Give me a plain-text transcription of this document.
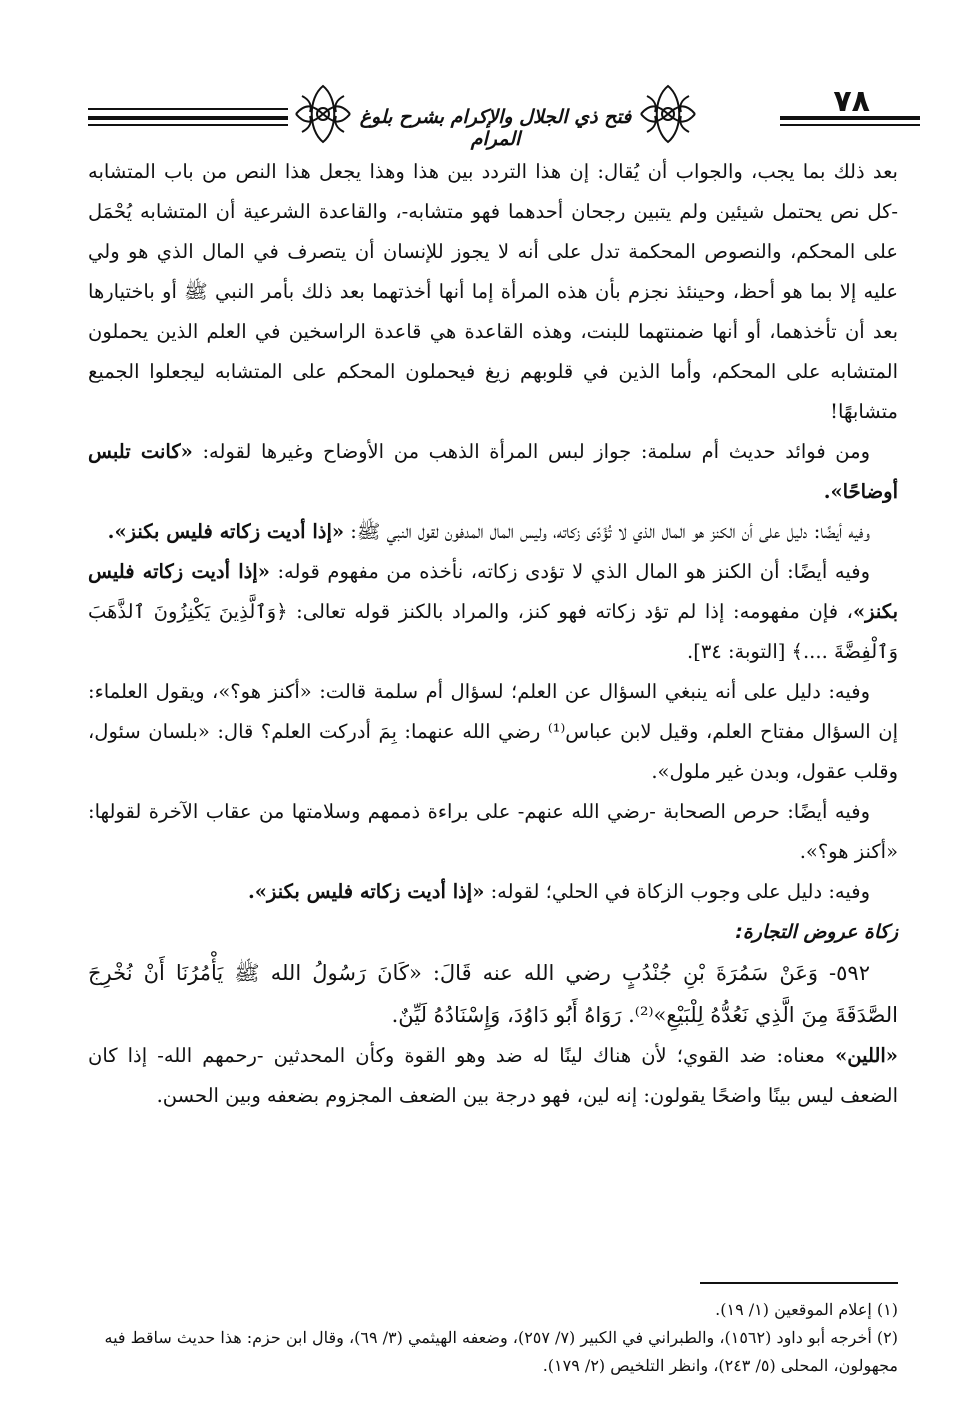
فتح ذي الجلال والإكرام بشرح بلوغ المرام
٧٨

بعد ذلك بما يجب، والجواب أن يُقال: إن هذا التردد بين هذا وهذا يجعل هذا النص من باب المتشابه -كل نص يحتمل شيئين ولم يتبين رجحان أحدهما فهو متشابه-، والقاعدة الشرعية أن المتشابه يُحْمَل على المحكم، والنصوص المحكمة تدل على أنه لا يجوز للإنسان أن يتصرف في المال الذي هو ولي عليه إلا بما هو أحظ، وحينئذ نجزم بأن هذه المرأة إما أنها أخذتهما بعد ذلك بأمر النبي ﷺ أو باختيارها بعد أن تأخذهما، أو أنها ضمنتهما للبنت، وهذه القاعدة هي قاعدة الراسخين في العلم الذين يحملون المتشابه على المحكم، وأما الذين في قلوبهم زيغ فيحملون المحكم على المتشابه ليجعلوا الجميع متشابهًا!

ومن فوائد حديث أم سلمة: جواز لبس المرأة الذهب من الأوضاح وغيرها لقوله: «كانت تلبس أوضاحًا».

وفيه أيضًا: دليل على أن الكنز هو المال الذي لا تُؤَدّى زكاته، وليس المال المدفون لقول النبي ﷺ: «إذا أديت زكاته فليس بكنز».

وفيه أيضًا: أن الكنز هو المال الذي لا تؤدى زكاته، نأخذه من مفهوم قوله: «إذا أديت زكاته فليس بكنز»، فإن مفهومه: إذا لم تؤد زكاته فهو كنز، والمراد بالكنز قوله تعالى: ﴿وَٱلَّذِينَ يَكْنِزُونَ ٱلذَّهَبَ وَٱلْفِضَّةَ ....﴾ [التوبة: ٣٤].

وفيه: دليل على أنه ينبغي السؤال عن العلم؛ لسؤال أم سلمة قالت: «أكنز هو؟»، ويقول العلماء: إن السؤال مفتاح العلم، وقيل لابن عباس⁽¹⁾ رضي الله عنهما: بِمَ أدركت العلم؟ قال: «بلسان سئول، وقلب عقول، وبدن غير ملول».

وفيه أيضًا: حرص الصحابة -رضي الله عنهم- على براءة ذممهم وسلامتها من عقاب الآخرة لقولها: «أكنز هو؟».

وفيه: دليل على وجوب الزكاة في الحلي؛ لقوله: «إذا أديت زكاته فليس بكنز».

زكاة عروض التجارة:

٥٩٢- وَعَنْ سَمُرَةَ بْنِ جُنْدُبٍ رضي الله عنه قَالَ: «كَانَ رَسُولُ الله ﷺ يَأْمُرُنَا أَنْ نُخْرِجَ الصَّدَقَةَ مِنَ الَّذِي نَعُدُّهُ لِلْبَيْعِ»⁽²⁾. رَوَاهُ أَبُو دَاوُدَ، وَإِسْنَادُهُ لَيِّنٌ.

«اللين» معناه: ضد القوي؛ لأن هناك لينًا له ضد وهو القوة وكأن المحدثين -رحمهم الله- إذا كان الضعف ليس بينًا واضحًا يقولون: إنه لين، فهو درجة بين الضعف المجزوم بضعفه وبين الحسن.

(١) إعلام الموقعين (١/ ١٩).

(٢) أخرجه أبو داود (١٥٦٢)، والطبراني في الكبير (٧/ ٢٥٧)، وضعفه الهيثمي (٣/ ٦٩)، وقال ابن حزم: هذا حديث ساقط فيه مجهولون، المحلى (٥/ ٢٤٣)، وانظر التلخيص (٢/ ١٧٩).
